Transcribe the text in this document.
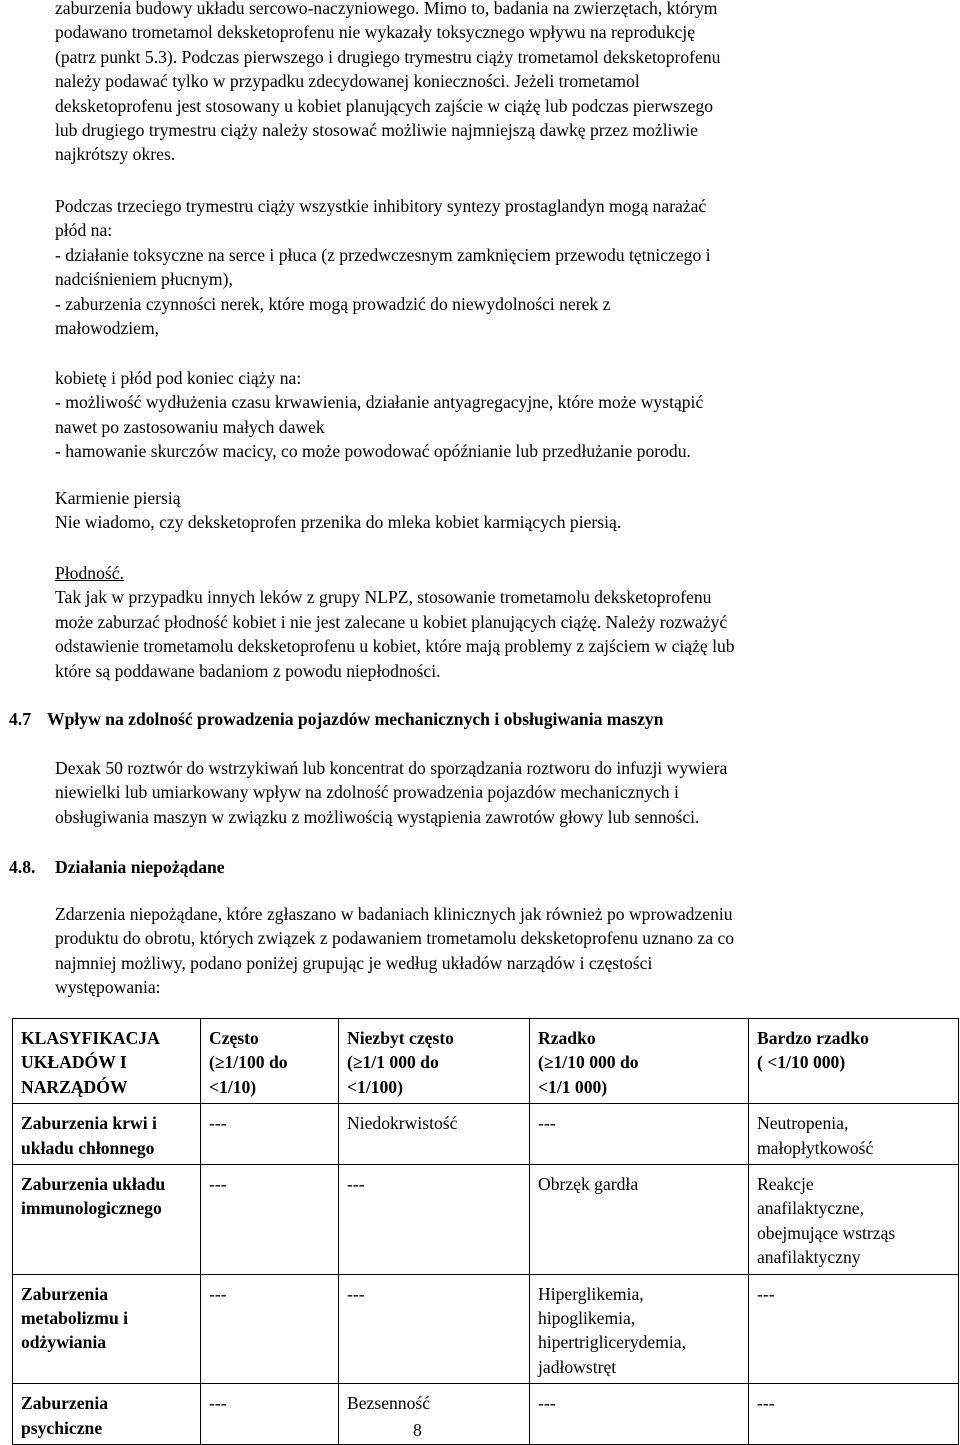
zaburzenia budowy układu sercowo-naczyniowego. Mimo to, badania na zwierzętach, którym
podawano trometamol deksketoprofenu nie wykazały toksycznego wpływu na reprodukcję
(patrz punkt 5.3). Podczas pierwszego i drugiego trymestru ciąży trometamol deksketoprofenu
należy podawać tylko w przypadku zdecydowanej konieczności. Jeżeli trometamol
deksketoprofenu jest stosowany u kobiet planujących zajście w ciążę lub podczas pierwszego
lub drugiego trymestru ciąży należy stosować możliwie najmniejszą dawkę przez możliwie
najkrótszy okres.
Podczas trzeciego trymestru ciąży wszystkie inhibitory syntezy prostaglandyn mogą narażać
płód na:
- działanie toksyczne na serce i płuca (z przedwczesnym zamknięciem przewodu tętniczego i
nadciśnieniem płucnym),
- zaburzenia czynności nerek, które mogą prowadzić do niewydolności nerek z
małowodziem,
kobietę i płód pod koniec ciąży na:
- możliwość wydłużenia czasu krwawienia, działanie antyagregacyjne, które może wystąpić
nawet po zastosowaniu małych dawek
- hamowanie skurczów macicy, co może powodować opóźnianie lub przedłużanie porodu.
Karmienie piersią
Nie wiadomo, czy deksketoprofen przenika do mleka kobiet karmiących piersią.
Płodność.
Tak jak w przypadku innych leków z grupy NLPZ, stosowanie trometamolu deksketoprofenu
może zaburzać płodność kobiet i nie jest zalecane u kobiet planujących ciążę. Należy rozważyć
odstawienie trometamolu deksketoprofenu u kobiet, które mają problemy z zajściem w ciążę lub
które są poddawane badaniom z powodu niepłodności.
4.7 Wpływ na zdolność prowadzenia pojazdów mechanicznych i obsługiwania maszyn
Dexak 50 roztwór do wstrzykiwań lub koncentrat do sporządzania roztworu do infuzji wywiera
niewielki lub umiarkowany wpływ na zdolność prowadzenia pojazdów mechanicznych i
obsługiwania maszyn w związku z możliwością wystąpienia zawrotów głowy lub senności.
4.8. Działania niepożądane
Zdarzenia niepożądane, które zgłaszano w badaniach klinicznych jak również po wprowadzeniu
produktu do obrotu, których związek z podawaniem trometamolu deksketoprofenu uznano za co
najmniej możliwy, podano poniżej grupując je według układów narządów i częstości
występowania:
KLASYFIKACJA
UKŁADÓW I
NARZĄDÓW	Często
(≥1/100 do
<1/10)	Niezbyt często
(≥1/1 000 do
<1/100)	Rzadko
(≥1/10 000 do
<1/1 000)	Bardzo rzadko
( <1/10 000)

Zaburzenia krwi i
układu chłonnego	---	Niedokrwistość	---	Neutropenia,
małopłytkowość

Zaburzenia układu
immunologicznego	---	---	Obrzęk gardła	Reakcje
anafilaktyczne,
obejmujące wstrząs
anafilaktyczny

Zaburzenia
metabolizmu i
odżywiania	---	---	Hiperglikemia,
hipoglikemia,
hipertriglicerydemia,
jadłowstręt	---

Zaburzenia
psychiczne	---	Bezsenność	---	---
8
